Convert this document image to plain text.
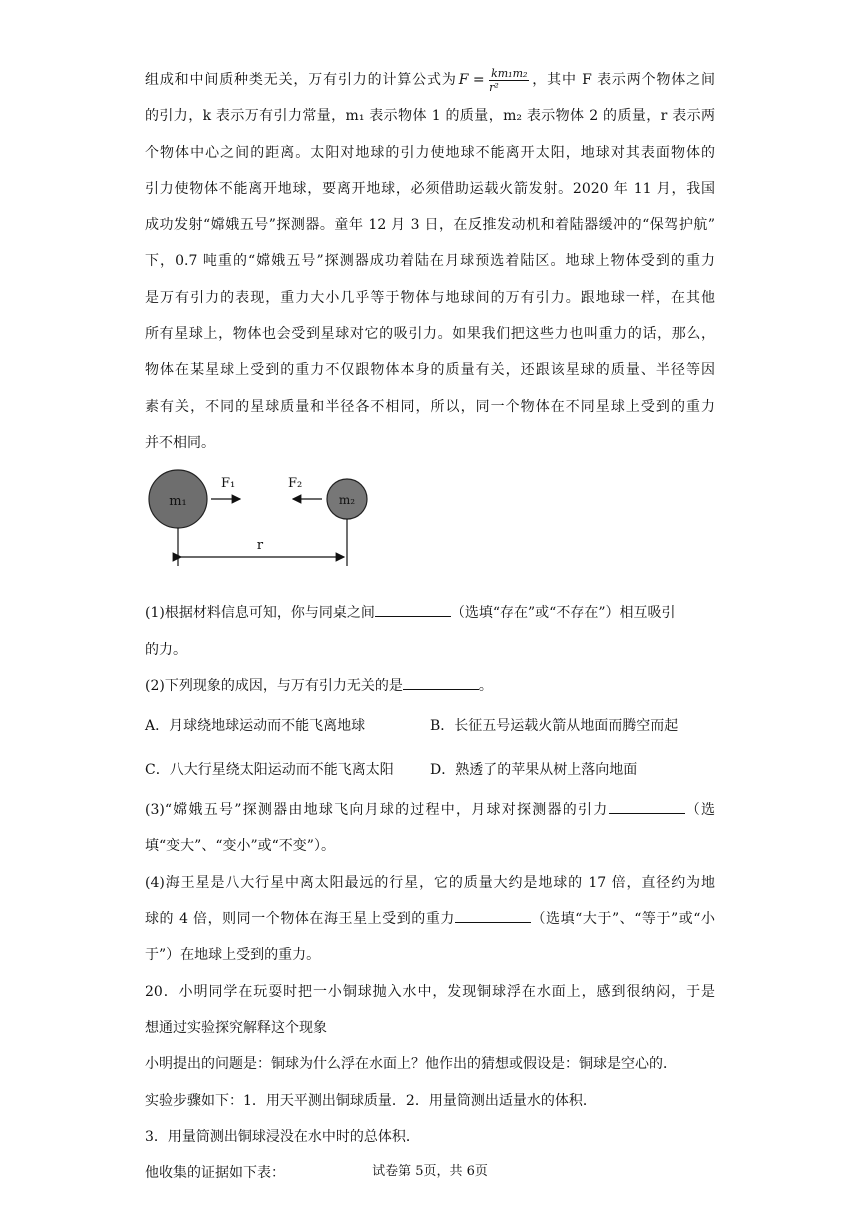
组成和中间质种类无关，万有引力的计算公式为 $F = \frac{\text{km₁m₂}}{\text{r²}}$ ，其中 F 表示两个物体之间
的引力，k 表示万有引力常量，m₁ 表示物体 1 的质量，m₂ 表示物体 2 的质量，r 表示两
个物体中心之间的距离。太阳对地球的引力使地球不能离开太阳，地球对其表面物体的
引力使物体不能离开地球，要离开地球，必须借助运载火箭发射。2020 年 11 月，我国
成功发射“嫦娥五号”探测器。童年 12 月 3 日，在反推发动机和着陆器缓冲的“保驾护航”
下，0.7 吨重的“嫦娥五号”探测器成功着陆在月球预选着陆区。地球上物体受到的重力
是万有引力的表现，重力大小几乎等于物体与地球间的万有引力。跟地球一样，在其他
所有星球上，物体也会受到星球对它的吸引力。如果我们把这些力也叫重力的话，那么，
物体在某星球上受到的重力不仅跟物体本身的质量有关，还跟该星球的质量、半径等因
素有关，不同的星球质量和半径各不相同，所以，同一个物体在不同星球上受到的重力
并不相同。
m₁	m₂
F₁	F₂
r
(1)根据材料信息可知，你与同桌之间	（选填“存在”或“不存在”）相互吸引
的力。
(2)下列现象的成因，与万有引力无关的是	。
A．月球绕地球运动而不能飞离地球	B．长征五号运载火箭从地面而腾空而起
C．八大行星绕太阳运动而不能飞离太阳	D．熟透了的苹果从树上落向地面
(3)“嫦娥五号”探测器由地球飞向月球的过程中，月球对探测器的引力	（选
填“变大”、“变小”或“不变”）。
(4)海王星是八大行星中离太阳最远的行星，它的质量大约是地球的 17 倍，直径约为地
球的 4 倍，则同一个物体在海王星上受到的重力	（选填“大于”、“等于”或“小
于”）在地球上受到的重力。
20．小明同学在玩耍时把一小铜球抛入水中，发现铜球浮在水面上，感到很纳闷，于是
想通过实验探究解释这个现象
小明提出的问题是：铜球为什么浮在水面上？他作出的猜想或假设是：铜球是空心的．
实验步骤如下：1．用天平测出铜球质量．2．用量筒测出适量水的体积．
3．用量筒测出铜球浸没在水中时的总体积．
他收集的证据如下表：	试卷第 5页，共 6页
